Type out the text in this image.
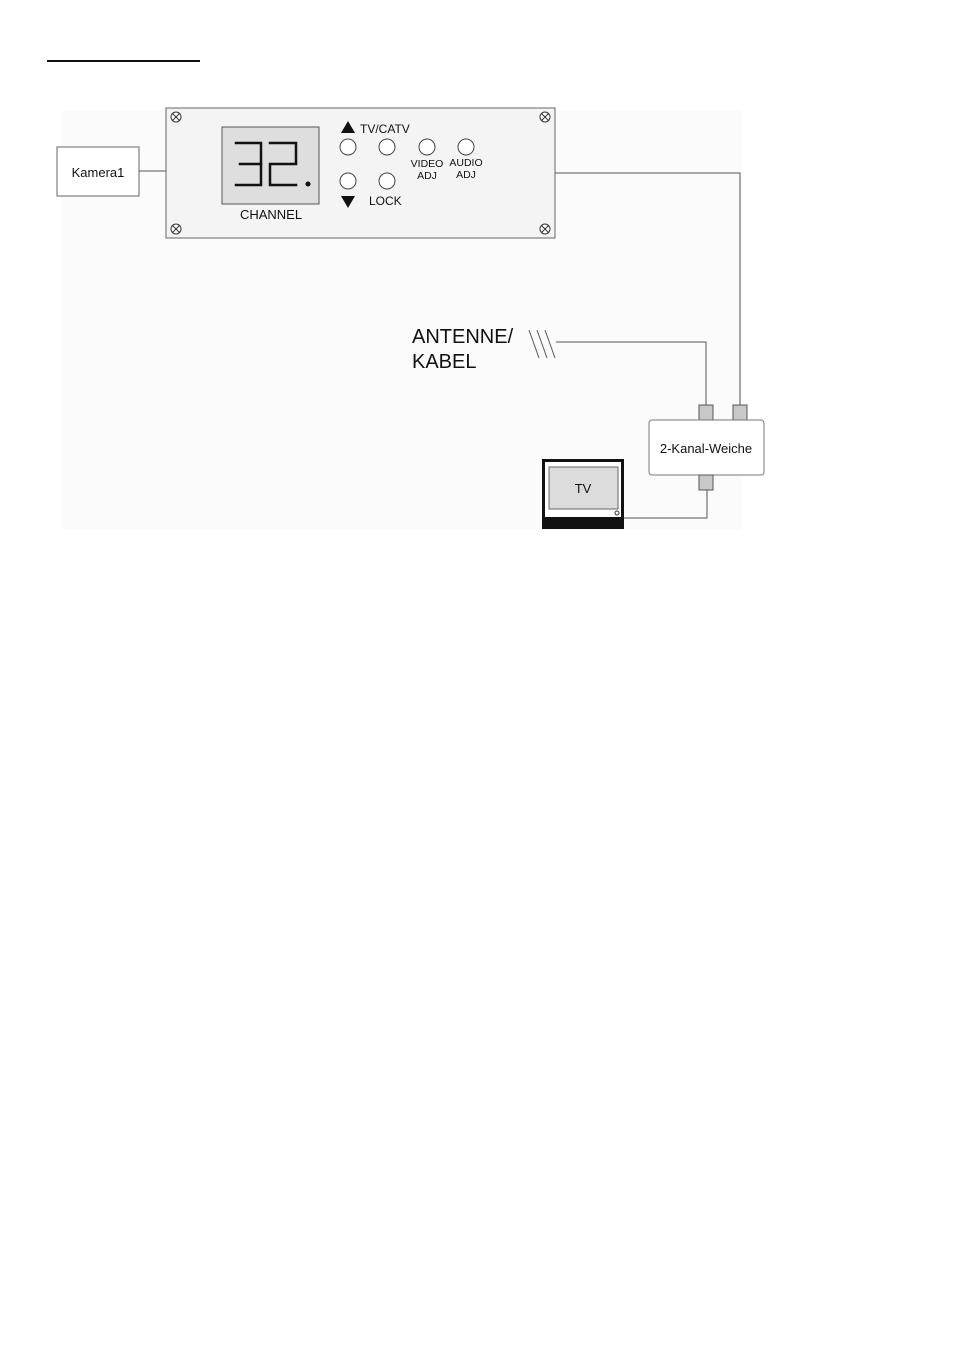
Kamera1
CHANNEL
TV/CATV
LOCK
VIDEO
ADJ
AUDIO
ADJ
ANTENNE/
KABEL
2-Kanal-Weiche
TV
